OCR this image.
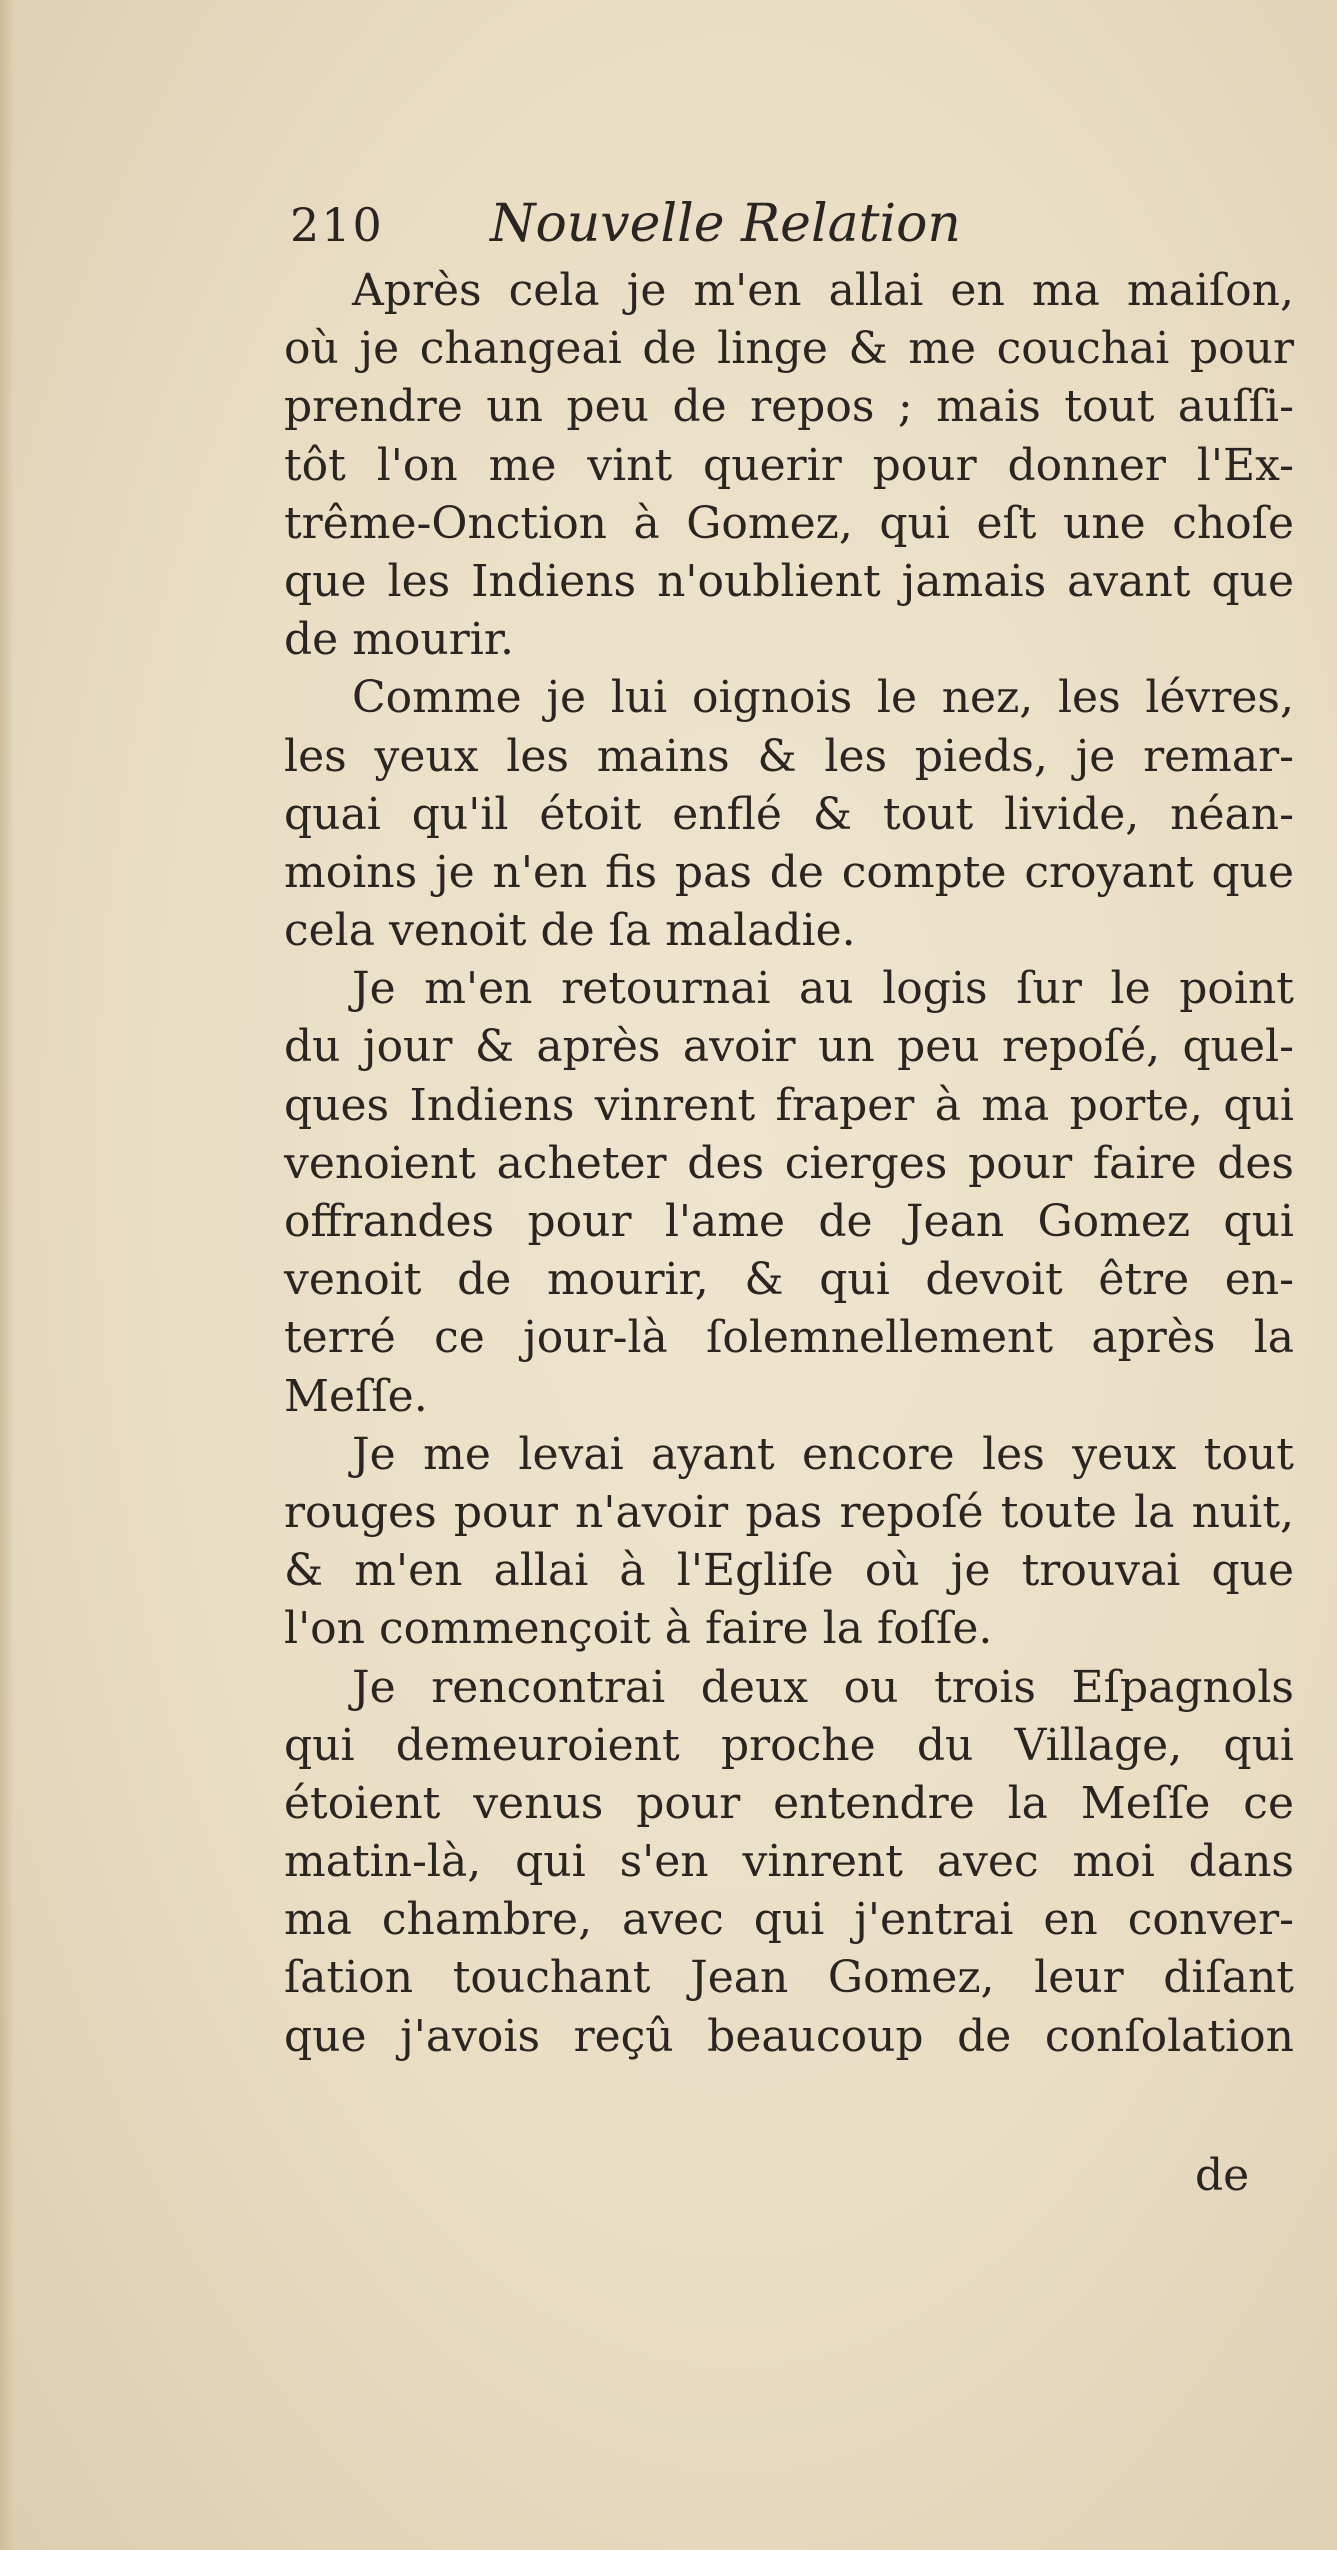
210 Nouvelle Relation
Après cela je m'en allai en ma maiſon,
où je changeai de linge & me couchai pour
prendre un peu de repos ; mais tout auſſi-
tôt l'on me vint querir pour donner l'Ex-
trême-Onction à Gomez, qui eſt une choſe
que les Indiens n'oublient jamais avant que
de mourir.
Comme je lui oignois le nez, les lévres,
les yeux les mains & les pieds, je remar-
quai qu'il étoit enflé & tout livide, néan-
moins je n'en fis pas de compte croyant que
cela venoit de ſa maladie.
Je m'en retournai au logis ſur le point
du jour & après avoir un peu repoſé, quel-
ques Indiens vinrent fraper à ma porte, qui
venoient acheter des cierges pour faire des
offrandes pour l'ame de Jean Gomez qui
venoit de mourir, & qui devoit être en-
terré ce jour-là ſolemnellement après la
Meſſe.
Je me levai ayant encore les yeux tout
rouges pour n'avoir pas repoſé toute la nuit,
& m'en allai à l'Egliſe où je trouvai que
l'on commençoit à faire la foſſe.
Je rencontrai deux ou trois Eſpagnols
qui demeuroient proche du Village, qui
étoient venus pour entendre la Meſſe ce
matin-là, qui s'en vinrent avec moi dans
ma chambre, avec qui j'entrai en conver-
ſation touchant Jean Gomez, leur diſant
que j'avois reçû beaucoup de conſolation
de
